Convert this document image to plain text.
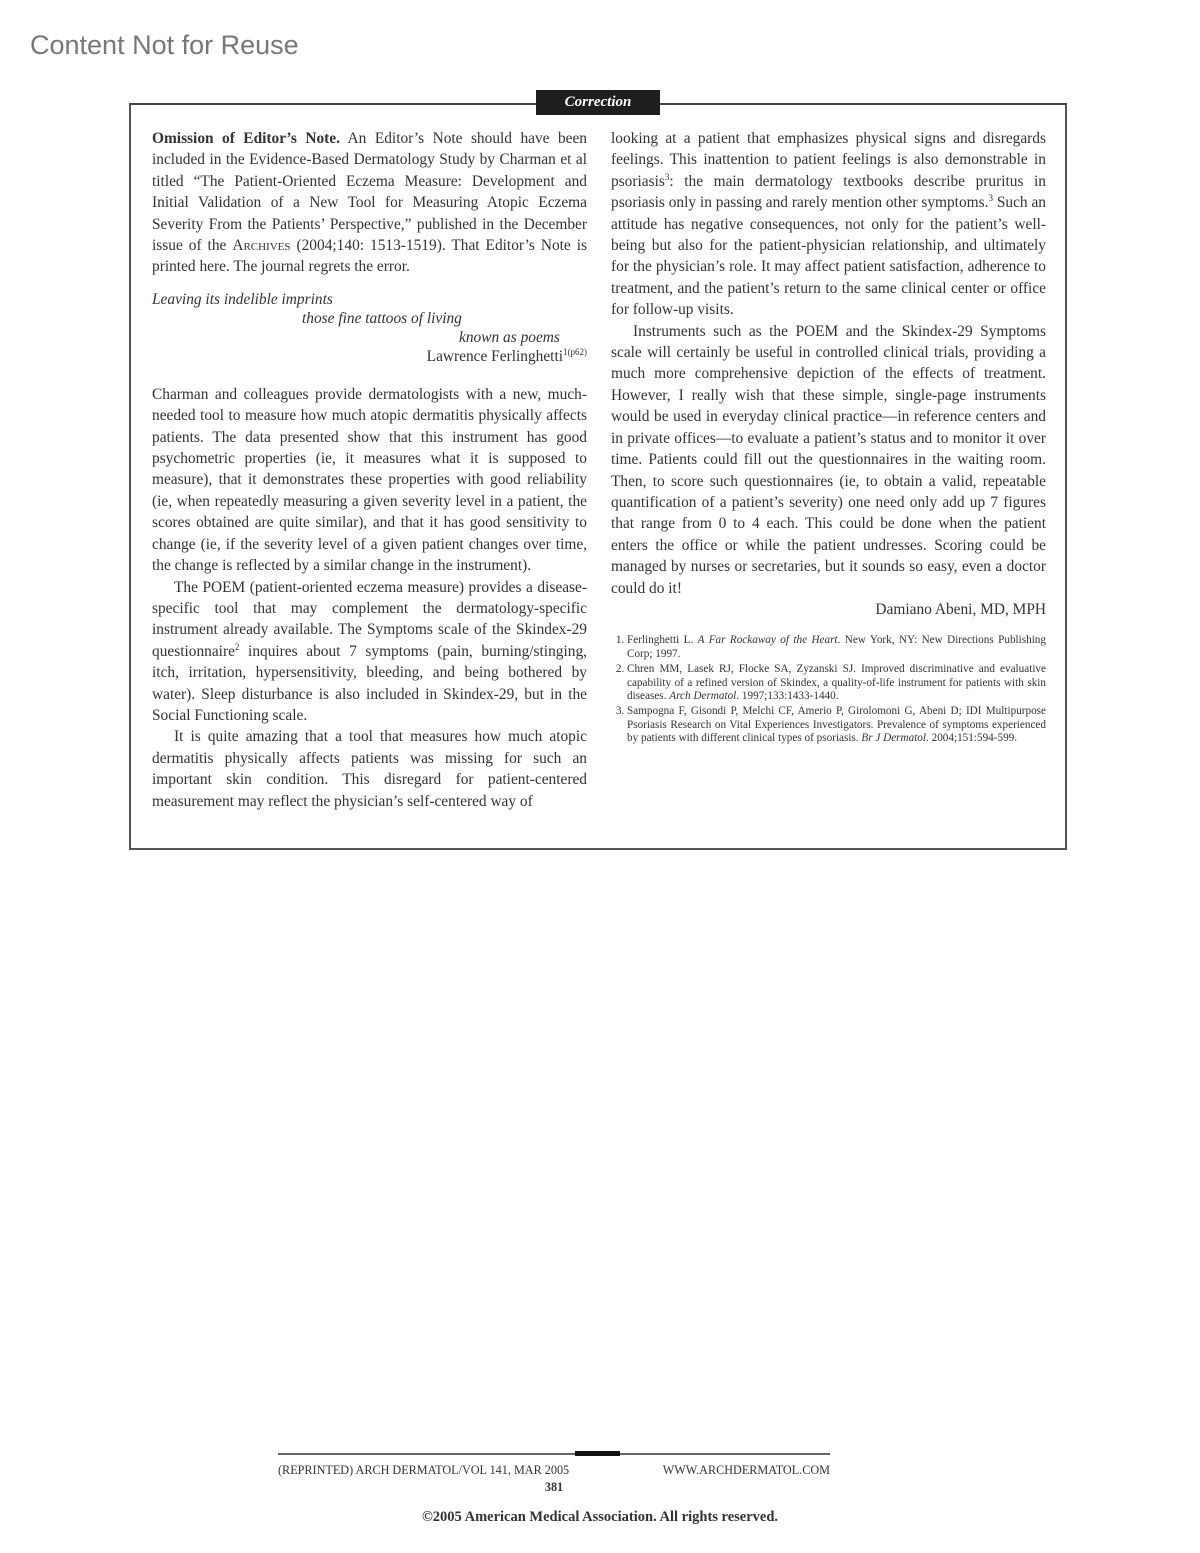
Content Not for Reuse
Correction

Omission of Editor’s Note. An Editor’s Note should have been included in the Evidence-Based Dermatology Study by Charman et al titled “The Patient-Oriented Eczema Measure: Development and Initial Validation of a New Tool for Measuring Atopic Eczema Severity From the Patients’ Perspective,” published in the December issue of the Archives (2004;140: 1513-1519). That Editor’s Note is printed here. The journal regrets the error.

Leaving its indelible imprints
those fine tattoos of living
known as poems
Lawrence Ferlinghetti$^{1(p62)}$

Charman and colleagues provide dermatologists with a new, much-needed tool to measure how much atopic dermatitis physically affects patients. The data presented show that this instrument has good psychometric properties (ie, it measures what it is supposed to measure), that it demonstrates these properties with good reliability (ie, when repeatedly measuring a given severity level in a patient, the scores obtained are quite similar), and that it has good sensitivity to change (ie, if the severity level of a given patient changes over time, the change is reflected by a similar change in the instrument).

The POEM (patient-oriented eczema measure) provides a disease-specific tool that may complement the dermatology-specific instrument already available. The Symptoms scale of the Skindex-29 questionnaire$^2$ inquires about 7 symptoms (pain, burning/stinging, itch, irritation, hypersensitivity, bleeding, and being bothered by water). Sleep disturbance is also included in Skindex-29, but in the Social Functioning scale.

It is quite amazing that a tool that measures how much atopic dermatitis physically affects patients was missing for such an important skin condition. This disregard for patient-centered measurement may reflect the physician’s self-centered way of

looking at a patient that emphasizes physical signs and disregards feelings. This inattention to patient feelings is also demonstrable in psoriasis$^3$: the main dermatology textbooks describe pruritus in psoriasis only in passing and rarely mention other symptoms.$^3$ Such an attitude has negative consequences, not only for the patient’s well-being but also for the patient-physician relationship, and ultimately for the physician’s role. It may affect patient satisfaction, adherence to treatment, and the patient’s return to the same clinical center or office for follow-up visits.

Instruments such as the POEM and the Skindex-29 Symptoms scale will certainly be useful in controlled clinical trials, providing a much more comprehensive depiction of the effects of treatment. However, I really wish that these simple, single-page instruments would be used in everyday clinical practice—in reference centers and in private offices—to evaluate a patient’s status and to monitor it over time. Patients could fill out the questionnaires in the waiting room. Then, to score such questionnaires (ie, to obtain a valid, repeatable quantification of a patient’s severity) one need only add up 7 figures that range from 0 to 4 each. This could be done when the patient enters the office or while the patient undresses. Scoring could be managed by nurses or secretaries, but it sounds so easy, even a doctor could do it!

Damiano Abeni, MD, MPH

1. Ferlinghetti L. A Far Rockaway of the Heart. New York, NY: New Directions Publishing Corp; 1997.
2. Chren MM, Lasek RJ, Flocke SA, Zyzanski SJ. Improved discriminative and evaluative capability of a refined version of Skindex, a quality-of-life instrument for patients with skin diseases. Arch Dermatol. 1997;133:1433-1440.
3. Sampogna F, Gisondi P, Melchi CF, Amerio P, Girolomoni G, Abeni D; IDI Multipurpose Psoriasis Research on Vital Experiences Investigators. Prevalence of symptoms experienced by patients with different clinical types of psoriasis. Br J Dermatol. 2004;151:594-599.
(REPRINTED) ARCH DERMATOL/VOL 141, MAR 2005	WWW.ARCHDERMATOL.COM
381
©2005 American Medical Association. All rights reserved.
